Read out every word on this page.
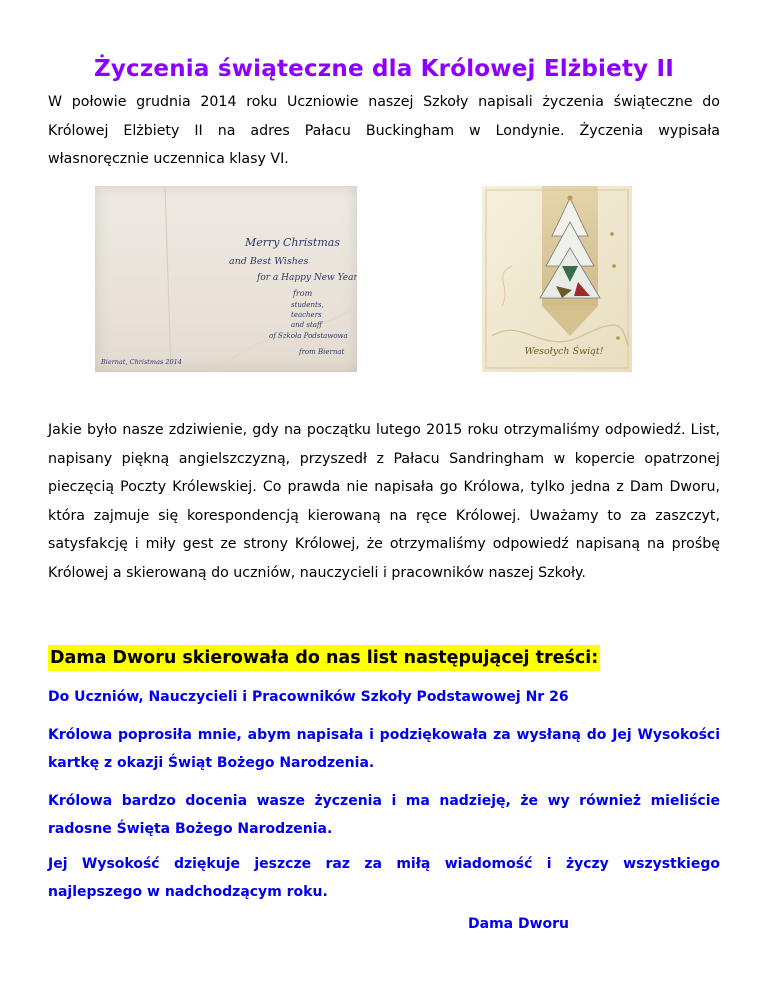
Życzenia świąteczne dla Królowej Elżbiety II

W połowie grudnia 2014 roku Uczniowie naszej Szkoły napisali życzenia świąteczne do Królowej Elżbiety II na adres Pałacu Buckingham w Londynie. Życzenia wypisała własnoręcznie uczennica klasy VI.

Merry Christmas
and Best Wishes
for a Happy New Year
from
students,
teachers
and staff
of Szkoła Podstawowa
from Biernat
Biernat, Christmas 2014
Wesołych Świąt!

Jakie było nasze zdziwienie, gdy na początku lutego 2015 roku otrzymaliśmy odpowiedź. List, napisany piękną angielszczyzną, przyszedł z Pałacu Sandringham w kopercie opatrzonej pieczęcią Poczty Królewskiej. Co prawda nie napisała go Królowa, tylko jedna z Dam Dworu, która zajmuje się korespondencją kierowaną na ręce Królowej. Uważamy to za zaszczyt, satysfakcję i miły gest ze strony Królowej, że otrzymaliśmy odpowiedź napisaną na prośbę Królowej a skierowaną do uczniów, nauczycieli i pracowników naszej Szkoły.

Dama Dworu skierowała do nas list następującej treści:

Do Uczniów, Nauczycieli i Pracowników Szkoły Podstawowej Nr 26

Królowa poprosiła mnie, abym napisała i podziękowała za wysłaną do Jej Wysokości kartkę z okazji Świąt Bożego Narodzenia.

Królowa bardzo docenia wasze życzenia i ma nadzieję, że wy również mieliście radosne Święta Bożego Narodzenia.

Jej Wysokość dziękuje jeszcze raz za miłą wiadomość i życzy wszystkiego najlepszego w nadchodzącym roku.

Dama Dworu
